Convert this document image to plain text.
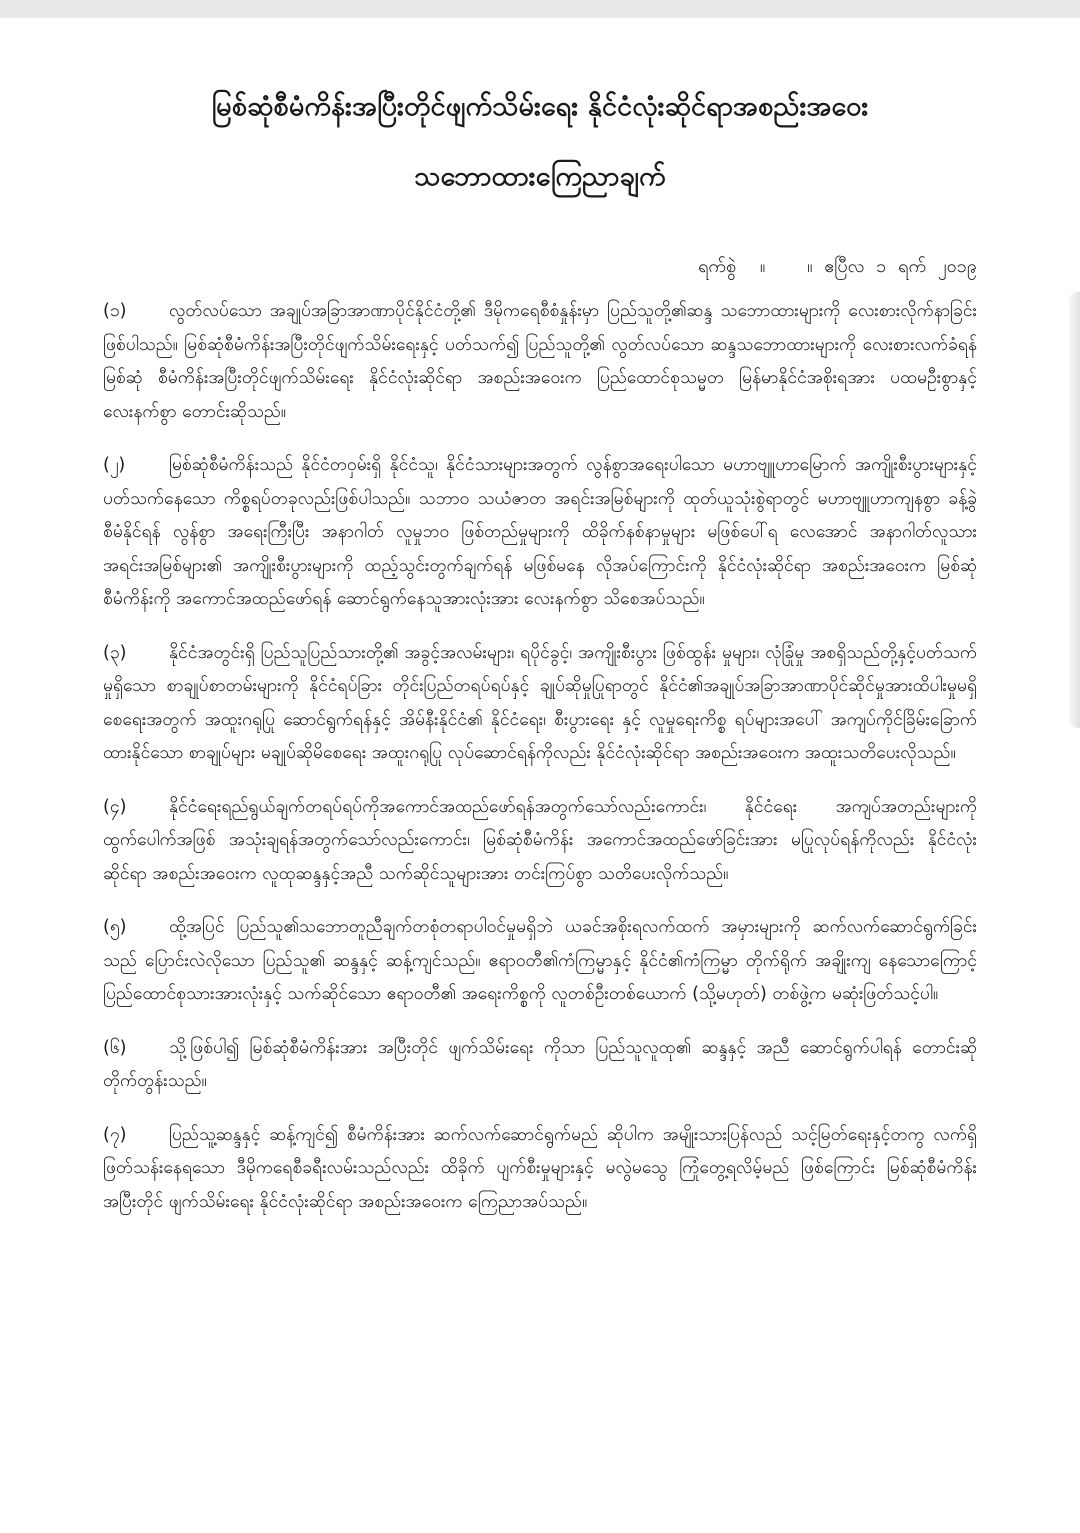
မြစ်ဆုံစီမံကိန်းအပြီးတိုင်ဖျက်သိမ်းရေး နိုင်ငံလုံးဆိုင်ရာအစည်းအဝေး
သဘောထားကြေညာချက်
ရက်စွဲ ။ ။ ဧပြီလ ၁ ရက် ၂၀၁၉

(၁) လွတ်လပ်သော အချုပ်အခြာအာဏာပိုင်နိုင်ငံတို့၏ ဒီမိုကရေစီစံနှုန်းမှာ ပြည်သူတို့၏ဆန္ဒ သဘောထားများကို လေးစားလိုက်နာခြင်းဖြစ်ပါသည်။ မြစ်ဆုံစီမံကိန်းအပြီးတိုင်ဖျက်သိမ်းရေးနှင့် ပတ်သက်၍ ပြည်သူတို့၏ လွတ်လပ်သော ဆန္ဒသဘောထားများကို လေးစားလက်ခံရန် မြစ်ဆုံ စီမံကိန်းအပြီးတိုင်ဖျက်သိမ်းရေး နိုင်ငံလုံးဆိုင်ရာ အစည်းအဝေးက ပြည်ထောင်စုသမ္မတ မြန်မာနိုင်ငံအစိုးရအား ပထမဦးစွာနှင့် လေးနက်စွာ တောင်းဆိုသည်။

(၂) မြစ်ဆုံစီမံကိန်းသည် နိုင်ငံတဝှမ်းရှိ နိုင်ငံသူ၊ နိုင်ငံသားများအတွက် လွန်စွာအရေးပါသော မဟာဗျူဟာမြောက် အကျိုးစီးပွားများနှင့်ပတ်သက်နေသော ကိစ္စရပ်တခုလည်းဖြစ်ပါသည်။ သဘာဝ သယံဇာတ အရင်းအမြစ်များကို ထုတ်ယူသုံးစွဲရာတွင် မဟာဗျူဟာကျနစွာ ခန့်ခွဲစီမံနိုင်ရန် လွန်စွာ အရေးကြီးပြီး အနာဂါတ် လူမှုဘဝ ဖြစ်တည်မှုများကို ထိခိုက်နစ်နာမှုများ မဖြစ်ပေါ်ရ လေအောင် အနာဂါတ်လူသား အရင်းအမြစ်များ၏ အကျိုးစီးပွားများကို ထည့်သွင်းတွက်ချက်ရန် မဖြစ်မနေ လိုအပ်ကြောင်းကို နိုင်ငံလုံးဆိုင်ရာ အစည်းအဝေးက မြစ်ဆုံစီမံကိန်းကို အကောင်အထည်ဖော်ရန် ဆောင်ရွက်နေသူအားလုံးအား လေးနက်စွာ သိစေအပ်သည်။

(၃) နိုင်ငံအတွင်းရှိ ပြည်သူပြည်သားတို့၏ အခွင့်အလမ်းများ၊ ရပိုင်ခွင့်၊ အကျိုးစီးပွား ဖြစ်ထွန်း မှုများ၊ လုံခြုံမှု အစရှိသည်တို့နှင့်ပတ်သက်မှုရှိသော စာချုပ်စာတမ်းများကို နိုင်ငံရပ်ခြား တိုင်းပြည်တရပ်ရပ်နှင့် ချုပ်ဆိုမှုပြုရာတွင် နိုင်ငံ၏အချုပ်အခြာအာဏာပိုင်ဆိုင်မှုအားထိပါးမှုမရှိ စေရေးအတွက် အထူးဂရုပြု ဆောင်ရွက်ရန်နှင့် အိမ်နီးနိုင်ငံ၏ နိုင်ငံရေး၊ စီးပွားရေး နှင့် လူမှုရေးကိစ္စ ရပ်များအပေါ် အကျပ်ကိုင်ခြိမ်းခြောက်ထားနိုင်သော စာချုပ်များ မချုပ်ဆိုမိစေရေး အထူးဂရုပြု လုပ်ဆောင်ရန်ကိုလည်း နိုင်ငံလုံးဆိုင်ရာ အစည်းအဝေးက အထူးသတိပေးလိုသည်။

(၄) နိုင်ငံရေးရည်ရွယ်ချက်တရပ်ရပ်ကိုအကောင်အထည်ဖော်ရန်အတွက်သော်လည်းကောင်း၊ နိုင်ငံရေး အကျပ်အတည်းများကို ထွက်ပေါက်အဖြစ် အသုံးချရန်အတွက်သော်လည်းကောင်း၊ မြစ်ဆုံစီမံကိန်း အကောင်အထည်ဖော်ခြင်းအား မပြုလုပ်ရန်ကိုလည်း နိုင်ငံလုံးဆိုင်ရာ အစည်းအဝေးက လူထုဆန္ဒနှင့်အညီ သက်ဆိုင်သူများအား တင်းကြပ်စွာ သတိပေးလိုက်သည်။

(၅) ထို့အပြင် ပြည်သူ၏သဘောတူညီချက်တစုံတရာပါဝင်မှုမရှိဘဲ ယခင်အစိုးရလက်ထက် အမှားများကို ဆက်လက်ဆောင်ရွက်ခြင်းသည် ပြောင်းလဲလိုသော ပြည်သူ၏ ဆန္ဒနှင့် ဆန့်ကျင်သည်။ ဧရာဝတီ၏ကံကြမ္မာနှင့် နိုင်ငံ၏ကံကြမ္မာ တိုက်ရိုက် အချိုးကျ နေသောကြောင့် ပြည်ထောင်စုသားအားလုံးနှင့် သက်ဆိုင်သော ဧရာဝတီ၏ အရေးကိစ္စကို လူတစ်ဦးတစ်ယောက် (သို့မဟုတ်) တစ်ဖွဲ့က မဆုံးဖြတ်သင့်ပါ။

(၆) သို့ဖြစ်ပါ၍ မြစ်ဆုံစီမံကိန်းအား အပြီးတိုင် ဖျက်သိမ်းရေး ကိုသာ ပြည်သူလူထု၏ ဆန္ဒနှင့် အညီ ဆောင်ရွက်ပါရန် တောင်းဆို တိုက်တွန်းသည်။

(၇) ပြည်သူ့ဆန္ဒနှင့် ဆန့်ကျင်၍ စီမံကိန်းအား ဆက်လက်ဆောင်ရွက်မည် ဆိုပါက အမျိုးသားပြန်လည် သင့်မြတ်ရေးနှင့်တကွ လက်ရှိဖြတ်သန်းနေရသော ဒီမိုကရေစီခရီးလမ်းသည်လည်း ထိခိုက် ပျက်စီးမှုများနှင့် မလွဲမသွေ ကြုံတွေ့ရလိမ့်မည် ဖြစ်ကြောင်း မြစ်ဆုံစီမံကိန်းအပြီးတိုင် ဖျက်သိမ်းရေး နိုင်ငံလုံးဆိုင်ရာ အစည်းအဝေးက ကြေညာအပ်သည်။
